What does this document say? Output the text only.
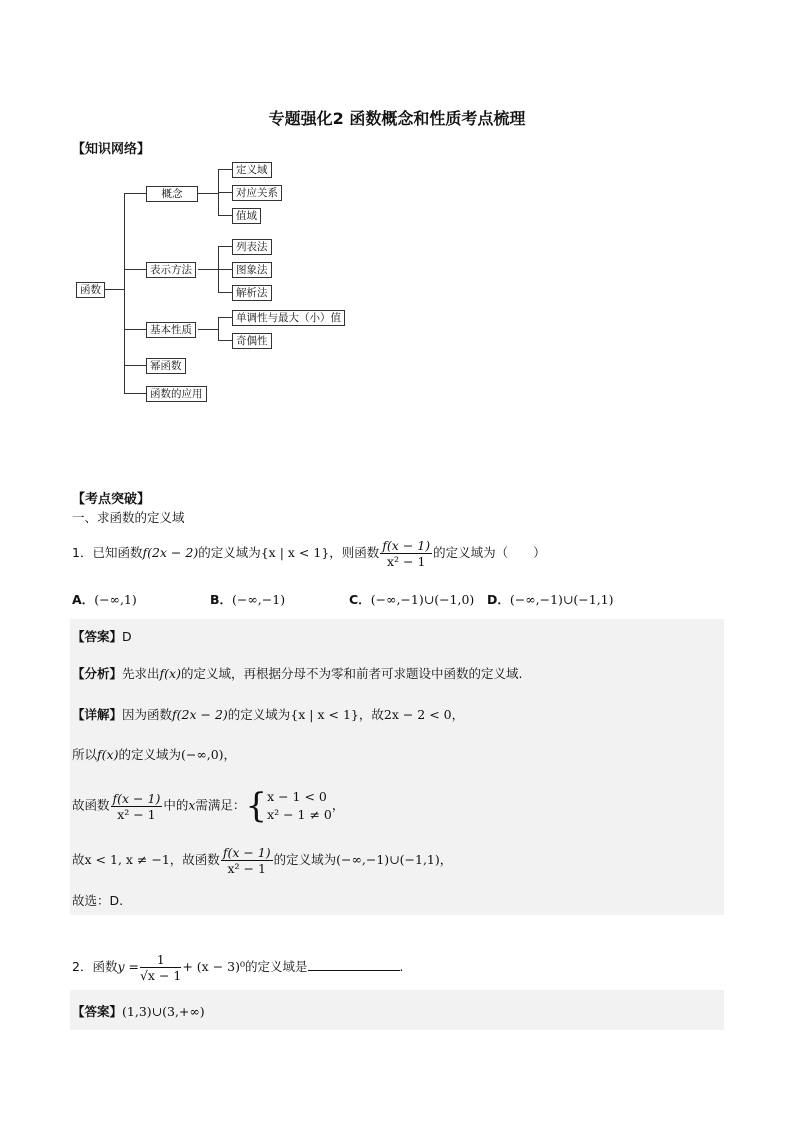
专题强化2 函数概念和性质考点梳理
【知识网络】
函数
概念
表示方法
基本性质
幂函数
函数的应用
定义域
对应关系
值域
列表法
图象法
解析法
单调性与最大（小）值
奇偶性
【考点突破】
一、求函数的定义域
1．已知函数f(2x − 2)的定义域为{x | x < 1}，则函数 $\frac{f(x - 1)}{\text{x² − 1}}$ 的定义域为（　　）
A．(−∞,1)	B．(−∞,−1)	C．(−∞,−1)∪(−1,0) D．(−∞,−1)∪(−1,1)
【答案】D
【分析】先求出f(x)的定义域，再根据分母不为零和前者可求题设中函数的定义域.
【详解】因为函数f(2x − 2)的定义域为{x | x < 1}，故2x − 2 < 0，
所以f(x)的定义域为(−∞,0)，
故函数 $\frac{f(x - 1)}{\text{x² − 1}}$ 中的x需满足：{ x − 1 < 0
x² − 1 ≠ 0
，
故x < 1, x ≠ −1，故函数 $\frac{f(x - 1)}{\text{x² − 1}}$ 的定义域为(−∞,−1)∪(−1,1)，
故选：D.
2．函数$y = \frac{1}{√x - 1} + (x - 3)^0$的定义域是	.
【答案】(1,3)∪(3,+∞)
